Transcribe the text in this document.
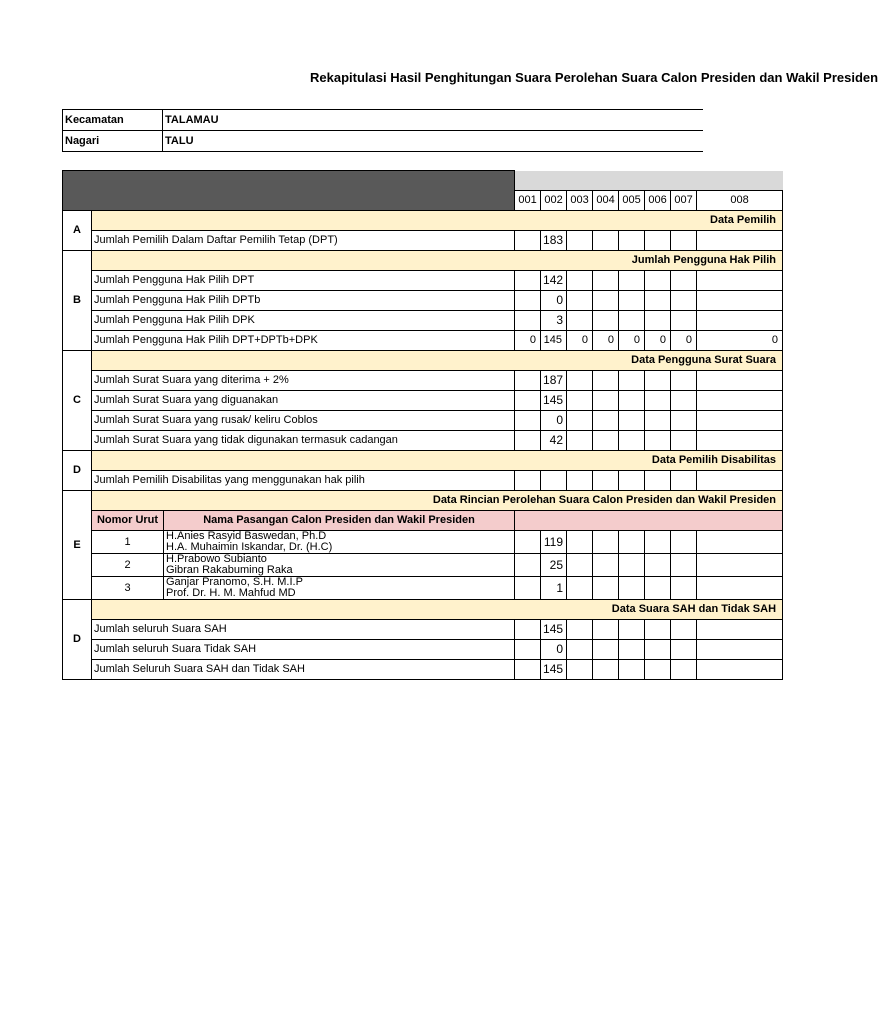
Rekapitulasi Hasil Penghitungan Suara Perolehan Suara Calon Presiden dan Wakil Presiden
Kecamatan	TALAMAU
Nagari	TALU

			001	002	003	004	005	006	007	008
A	Data Pemilih									
	Jumlah Pemilih Dalam Daftar Pemilih Tetap (DPT)			183						
B	Jumlah Pengguna Hak Pilih									
	Jumlah Pengguna Hak Pilih DPT			142						
	Jumlah Pengguna Hak Pilih DPTb			0						
	Jumlah Pengguna Hak Pilih DPK			3						
	Jumlah Pengguna Hak Pilih DPT+DPTb+DPK		0	145	0	0	0	0	0	0
C	Data Pengguna Surat Suara									
	Jumlah Surat Suara yang diterima + 2%			187						
	Jumlah Surat Suara yang diguanakan			145						
	Jumlah Surat Suara yang rusak/ keliru Coblos			0						
	Jumlah Surat Suara yang tidak digunakan termasuk cadangan			42						
D	Data Pemilih Disabilitas									
	Jumlah Pemilih Disabilitas yang menggunakan hak pilih									
E	Data Rincian Perolehan Suara Calon Presiden dan Wakil Presiden									
	Nomor Urut	Nama Pasangan Calon Presiden dan Wakil Presiden								
	1	H.Anies Rasyid Baswedan, Ph.D
H.A. Muhaimin Iskandar, Dr. (H.C)		119						
	2	H.Prabowo Subianto
Gibran Rakabuming Raka		25						
	3	Ganjar Pranomo, S.H. M.I.P
Prof. Dr. H. M. Mahfud MD		1						
D	Data Suara SAH dan Tidak SAH									
	Jumlah seluruh Suara SAH			145						
	Jumlah seluruh Suara Tidak SAH			0						
	Jumlah Seluruh Suara SAH dan Tidak SAH			145						
